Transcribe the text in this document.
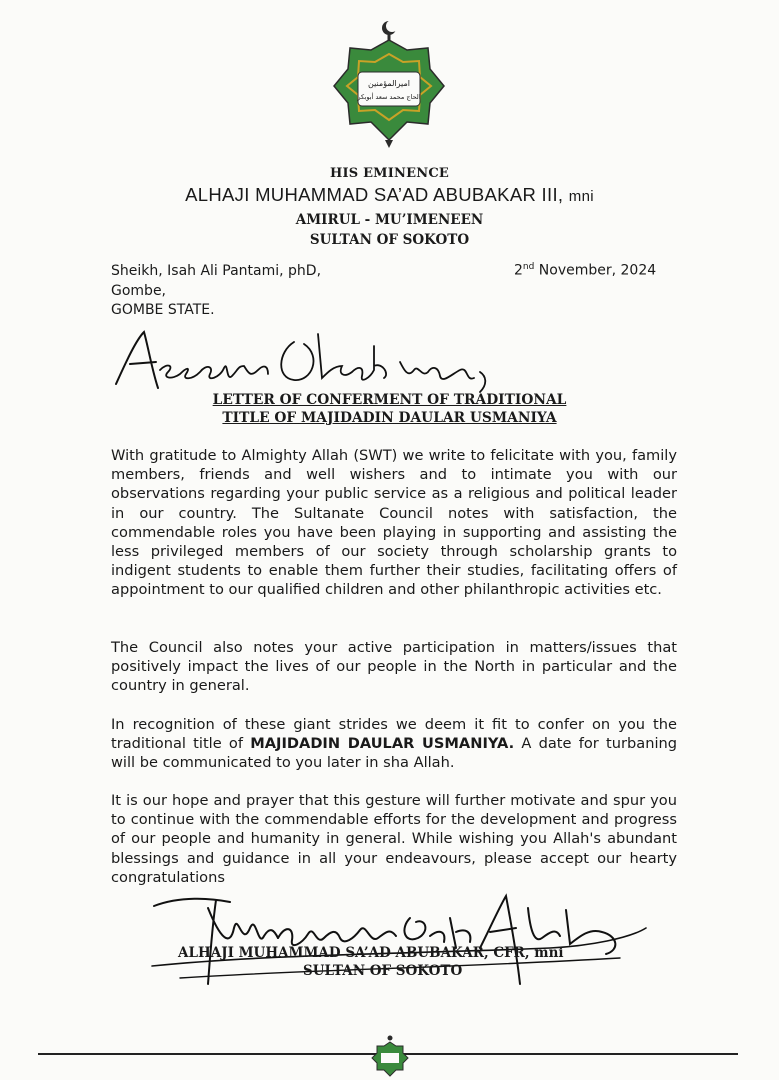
اميرالمؤمنين
الحاج محمد سعد أبوبكر

HIS EMINENCE

ALHAJI MUHAMMAD SA’AD ABUBAKAR III, mni

AMIRUL - MU’IMENEEN

SULTAN OF SOKOTO

Sheikh, Isah Ali Pantami, phD,
Gombe,
GOMBE STATE.
2nd November, 2024

LETTER OF CONFERMENT OF TRADITIONAL

TITLE OF MAJIDADIN DAULAR USMANIYA

With gratitude to Almighty Allah (SWT) we write to felicitate with you, family members, friends and well wishers and to intimate you with our observations regarding your public service as a religious and political leader in our country. The Sultanate Council notes with satisfaction, the commendable roles you have been playing in supporting and assisting the less privileged members of our society through scholarship grants to indigent students to enable them further their studies, facilitating offers of appointment to our qualified children and other philanthropic activities etc.

The Council also notes your active participation in matters/issues that positively impact the lives of our people in the North in particular and the country in general.

In recognition of these giant strides we deem it fit to confer on you the traditional title of MAJIDADIN DAULAR USMANIYA. A date for turbaning will be communicated to you later in sha Allah.

It is our hope and prayer that this gesture will further motivate and spur you to continue with the commendable efforts for the development and progress of our people and humanity in general. While wishing you Allah's abundant blessings and guidance in all your endeavours, please accept our hearty congratulations

ALHAJI MUHAMMAD SA’AD ABUBAKAR, CFR, mni
SULTAN OF SOKOTO
